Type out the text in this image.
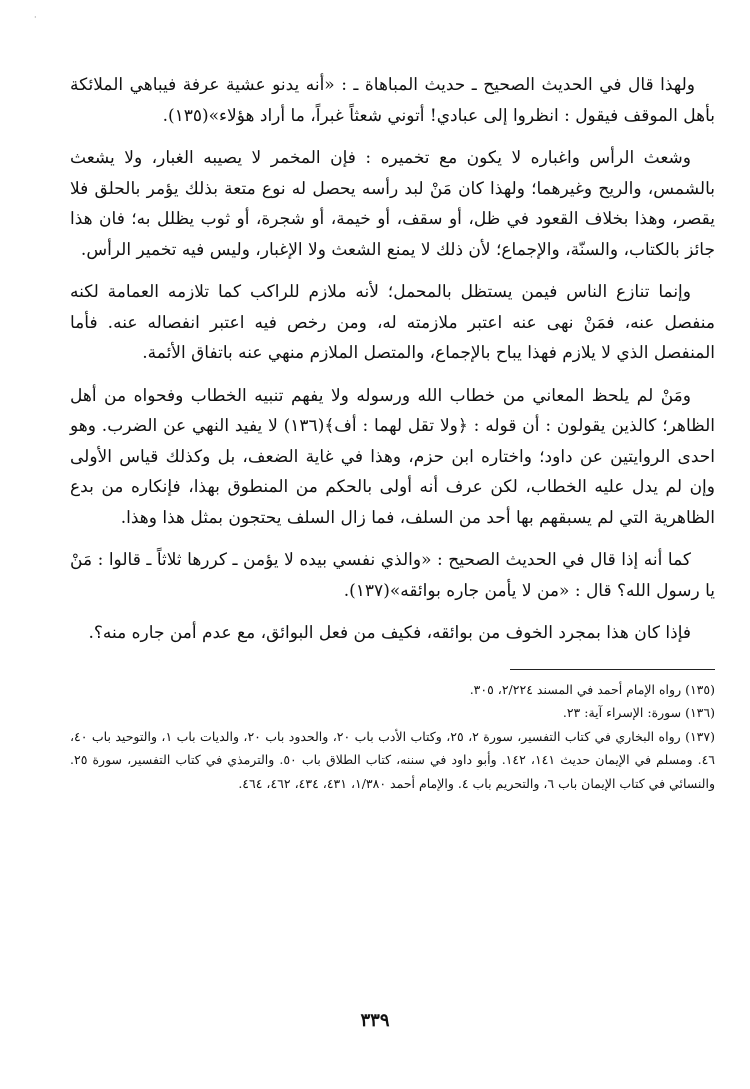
·

ولهذا قال في الحديث الصحيح ـ حديث المباهاة ـ : «أنه يدنو عشية عرفة فيباهي الملائكة بأهل الموقف فيقول : انظروا إلى عبادي! أتوني شعثاً غبراً، ما أراد هؤلاء»(١٣٥).

وشعث الرأس واغباره لا يكون مع تخميره : فإن المخمر لا يصيبه الغبار، ولا يشعث بالشمس، والريح وغيرهما؛ ولهذا كان مَنْ لبد رأسه يحصل له نوع متعة بذلك يؤمر بالحلق فلا يقصر، وهذا بخلاف القعود في ظل، أو سقف، أو خيمة، أو شجرة، أو ثوب يظلل به؛ فان هذا جائز بالكتاب، والسنّة، والإجماع؛ لأن ذلك لا يمنع الشعث ولا الإغبار، وليس فيه تخمير الرأس.

وإنما تنازع الناس فيمن يستظل بالمحمل؛ لأنه ملازم للراكب كما تلازمه العمامة لكنه منفصل عنه، فمَنْ نهى عنه اعتبر ملازمته له، ومن رخص فيه اعتبر انفصاله عنه. فأما المنفصل الذي لا يلازم فهذا يباح بالإجماع، والمتصل الملازم منهي عنه باتفاق الأئمة.

ومَنْ لم يلحظ المعاني من خطاب الله ورسوله ولا يفهم تنبيه الخطاب وفحواه من أهل الظاهر؛ كالذين يقولون : أن قوله : ﴿ولا تقل لهما : أف﴾(١٣٦) لا يفيد النهي عن الضرب. وهو احدى الروايتين عن داود؛ واختاره ابن حزم، وهذا في غاية الضعف، بل وكذلك قياس الأولى وإن لم يدل عليه الخطاب، لكن عرف أنه أولى بالحكم من المنطوق بهذا، فإنكاره من بدع الظاهرية التي لم يسبقهم بها أحد من السلف، فما زال السلف يحتجون بمثل هذا وهذا.

كما أنه إذا قال في الحديث الصحيح : «والذي نفسي بيده لا يؤمن ـ كررها ثلاثاً ـ قالوا : مَنْ يا رسول الله؟ قال : «من لا يأمن جاره بوائقه»(١٣٧).

فإذا كان هذا بمجرد الخوف من بوائقه، فكيف من فعل البوائق، مع عدم أمن جاره منه؟.

(١٣٥) رواه الإمام أحمد في المسند ٢/٢٢٤، ٣٠٥.

(١٣٦) سورة: الإسراء آية: ٢٣.

(١٣٧) رواه البخاري في كتاب التفسير، سورة ٢، ٢٥، وكتاب الأدب باب ٢٠، والحدود باب ٢٠، والديات باب ١، والتوحيد باب ٤٠، ٤٦. ومسلم في الإيمان حديث ١٤١، ١٤٢. وأبو داود في سننه، كتاب الطلاق باب ٥٠. والترمذي في كتاب التفسير، سورة ٢٥. والنسائي في كتاب الإيمان باب ٦، والتحريم باب ٤. والإمام أحمد ١/٣٨٠، ٤٣١، ٤٣٤، ٤٦٢، ٤٦٤.

٣٣٩
